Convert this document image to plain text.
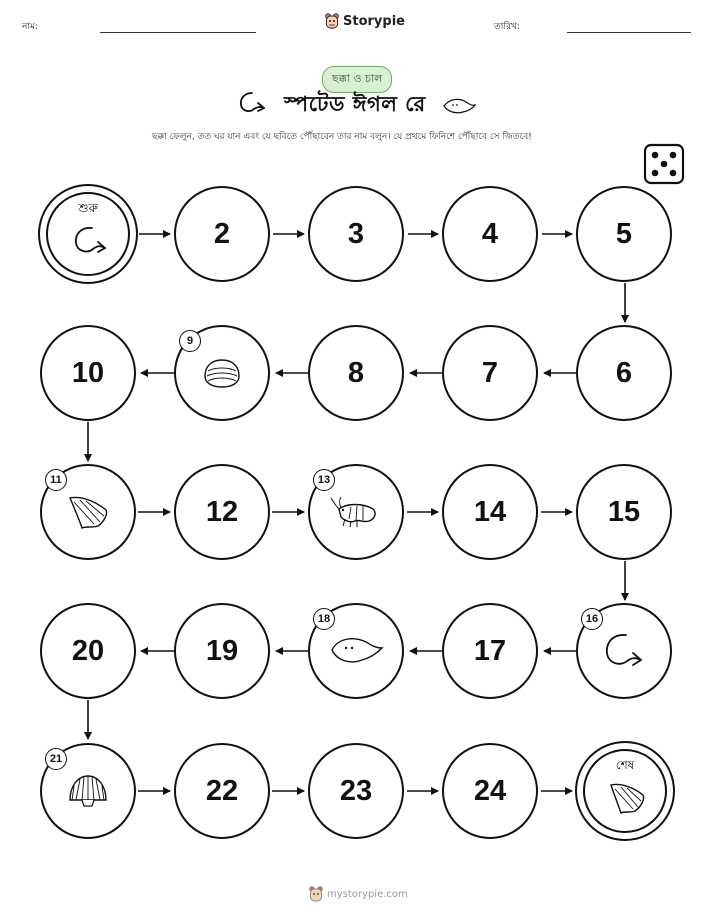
নাম:	Storypie	তারিখ:
ছক্কা ও চাল
স্পটেড ঈগল রে
ছক্কা ফেলুন, তত ঘর যান এবং যে ছবিতে পৌঁছাবেন তার নাম বলুন। যে প্রথমে ফিনিশে পৌঁছাবে সে জিতবে!
শুরু
2	3	4	5
10
9
8	7	6
11
12
13
14	15
20	19
18
17
16
21
22	23	24
শেষ
mystorypie.com
